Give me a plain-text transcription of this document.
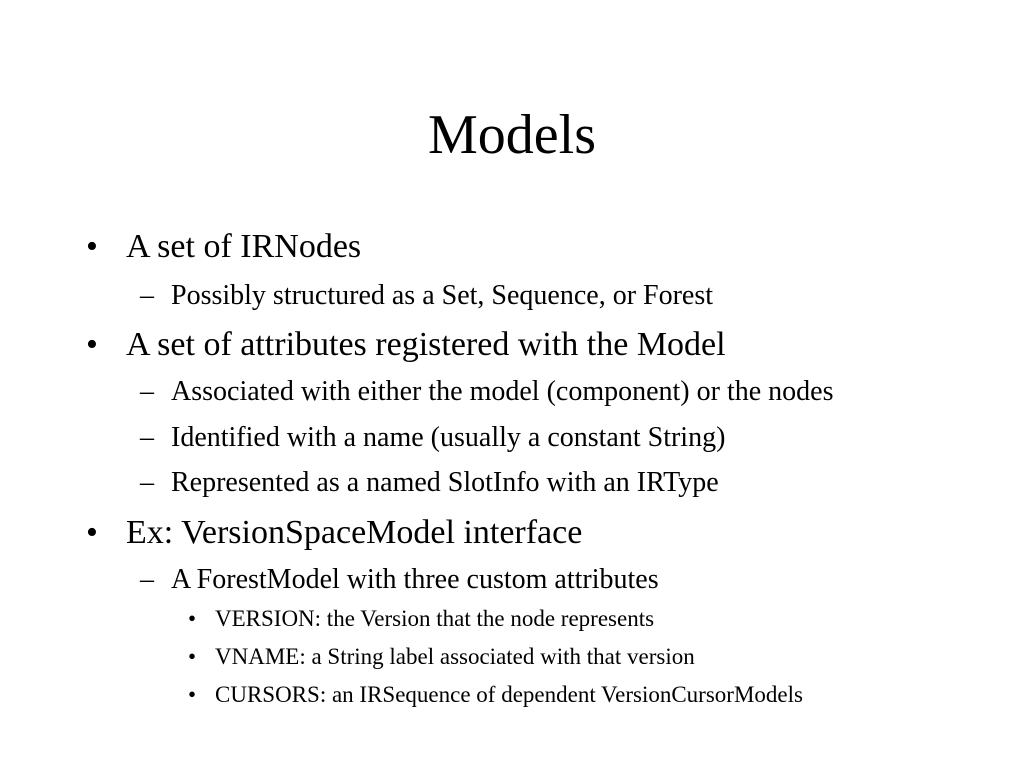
Models
• A set of IRNodes
– Possibly structured as a Set, Sequence, or Forest
• A set of attributes registered with the Model
– Associated with either the model (component) or the nodes
– Identified with a name (usually a constant String)
– Represented as a named SlotInfo with an IRType
• Ex: VersionSpaceModel interface
– A ForestModel with three custom attributes
• VERSION: the Version that the node represents
• VNAME: a String label associated with that version
• CURSORS: an IRSequence of dependent VersionCursorModels
